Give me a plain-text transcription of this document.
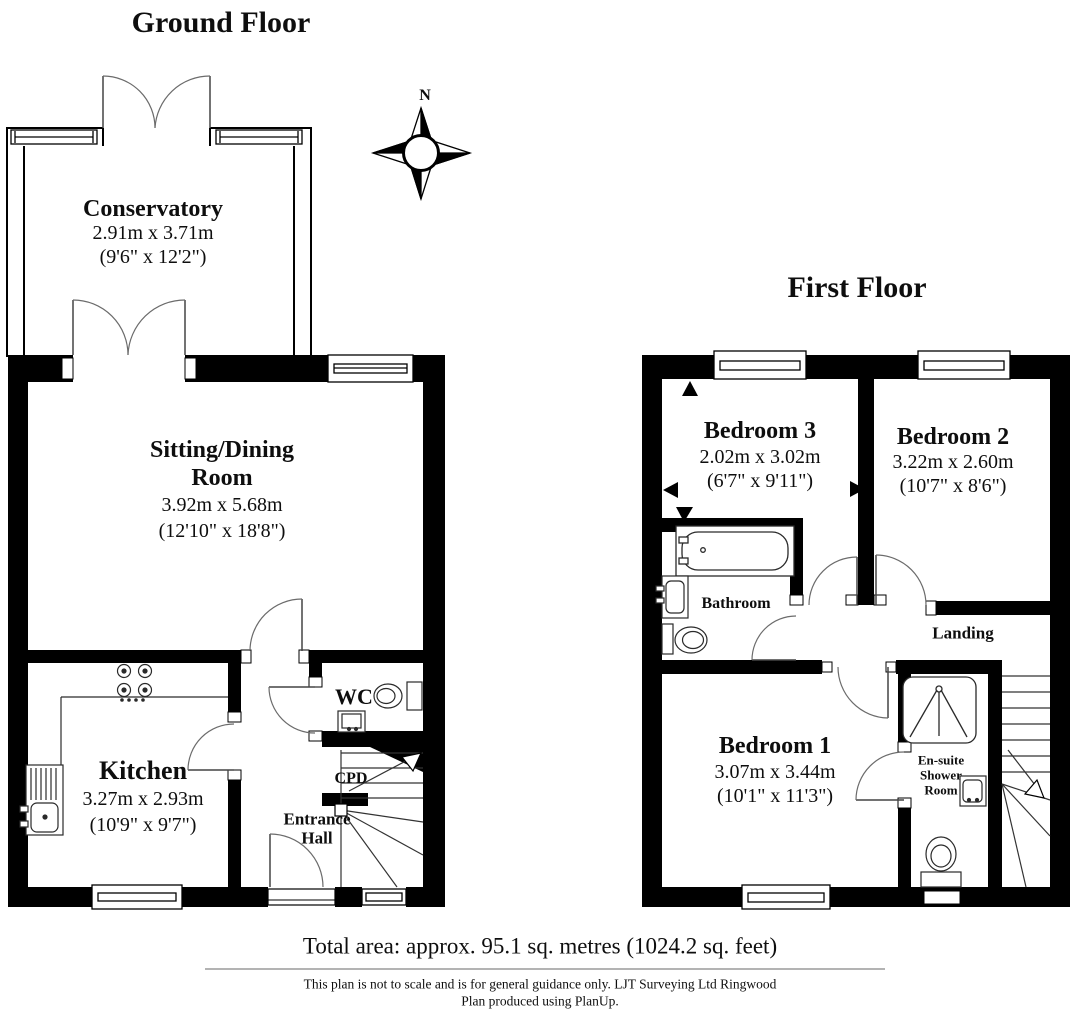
Ground Floor
First Floor
N
Conservatory
2.91m x 3.71m
(9'6" x 12'2")
Sitting/Dining
Room
3.92m x 5.68m
(12'10" x 18'8")
Kitchen
3.27m x 2.93m
(10'9" x 9'7")
WC
CPD
Entrance
Hall
Bedroom 3
2.02m x 3.02m
(6'7" x 9'11")
Bedroom 2
3.22m x 2.60m
(10'7" x 8'6")
Bathroom
Landing
Bedroom 1
3.07m x 3.44m
(10'1" x 11'3")
En-suite
Shower
Room
Total area: approx. 95.1 sq. metres (1024.2 sq. feet)
This plan is not to scale and is for general guidance only. LJT Surveying Ltd Ringwood
Plan produced using PlanUp.
